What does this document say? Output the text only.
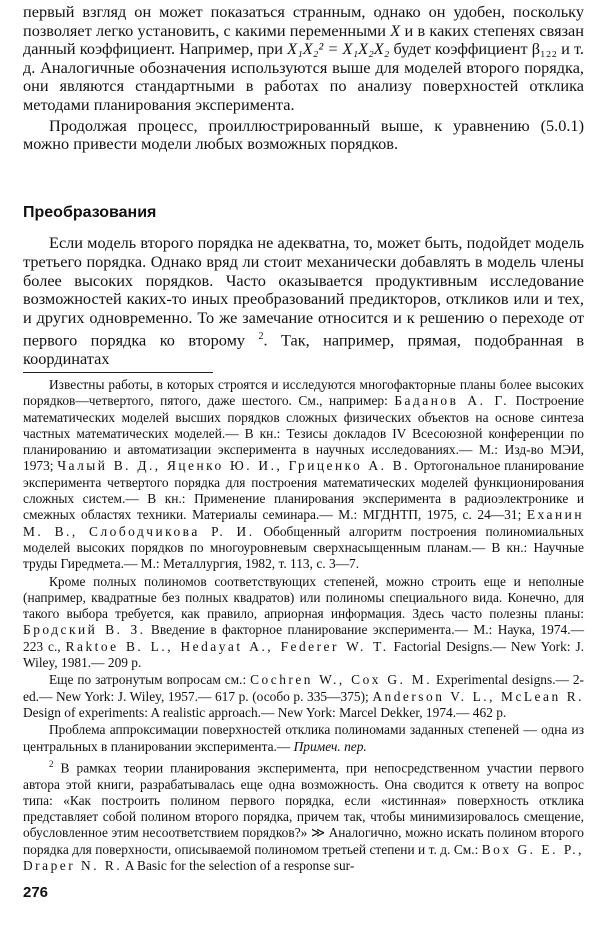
первый взгляд он может показаться странным, однако он удобен, поскольку позволяет легко установить, с какими переменными X и в каких степенях связан данный коэффициент. Например, при X₁X₂² = X₁X₂X₂ будет коэффициент β₁₂₂ и т. д. Аналогичные обозначения используются выше для моделей второго порядка, они являются стандартными в работах по анализу поверхностей отклика методами планирования эксперимента.

Продолжая процесс, проиллюстрированный выше, к уравнению (5.0.1) можно привести модели любых возможных порядков.

Преобразования

Если модель второго порядка не адекватна, то, может быть, подойдет модель третьего порядка. Однако вряд ли стоит механически добавлять в модель члены более высоких порядков. Часто оказывается продуктивным исследование возможностей каких-то иных преобразований предикторов, откликов или и тех, и других одновременно. То же замечание относится и к решению о переходе от первого порядка ко второму $^2$. Так, например, прямая, подобранная в координатах

Известны работы, в которых строятся и исследуются многофакторные планы более высоких порядков—четвертого, пятого, даже шестого. См., например: Баданов А. Г. Построение математических моделей высших порядков сложных физических объектов на основе синтеза частных математических моделей.— В кн.: Тезисы докладов IV Всесоюзной конференции по планированию и автоматизации эксперимента в научных исследованиях.— М.: Изд-во МЭИ, 1973; Чалый В. Д., Яценко Ю. И., Гриценко А. В. Ортогональное планирование эксперимента четвертого порядка для построения математических моделей функционирования сложных систем.— В кн.: Применение планирования эксперимента в радиоэлектронике и смежных областях техники. Материалы семинара.— М.: МГДНТП, 1975, с. 24—31; Еханин М. В., Слободчикова Р. И. Обобщенный алгоритм построения полиномиальных моделей высоких порядков по многоуровневым сверхнасыщенным планам.— В кн.: Научные труды Гиредмета.— М.: Металлургия, 1982, т. 113, с. 3—7.

Кроме полных полиномов соответствующих степеней, можно строить еще и неполные (например, квадратные без полных квадратов) или полиномы специального вида. Конечно, для такого выбора требуется, как правило, априорная информация. Здесь часто полезны планы: Бродский В. З. Введение в факторное планирование эксперимента.— М.: Наука, 1974.— 223 с., Raktoe B. L., Hedayat A., Federer W. T. Factorial Designs.— New York: J. Wiley, 1981.— 209 p.

Еще по затронутым вопросам см.: Cochren W., Cox G. M. Experimental designs.— 2-ed.— New York: J. Wiley, 1957.— 617 p. (особо р. 335—375); Anderson V. L., McLean R. Design of experiments: A realistic approach.— New York: Marcel Dekker, 1974.— 462 p.

Проблема аппроксимации поверхностей отклика полиномами заданных степеней — одна из центральных в планировании эксперимента.— Примеч. пер.

$^2$ В рамках теории планирования эксперимента, при непосредственном участии первого автора этой книги, разрабатывалась еще одна возможность. Она сводится к ответу на вопрос типа: «Как построить полином первого порядка, если «истинная» поверхность отклика представляет собой полином второго порядка, причем так, чтобы минимизировалось смещение, обусловленное этим несоответствием порядков?» ≫ Аналогично, можно искать полином второго порядка для поверхности, описываемой полиномом третьей степени и т. д. См.: Box G. E. P., Draper N. R. A Basic for the selection of a response sur-

276
